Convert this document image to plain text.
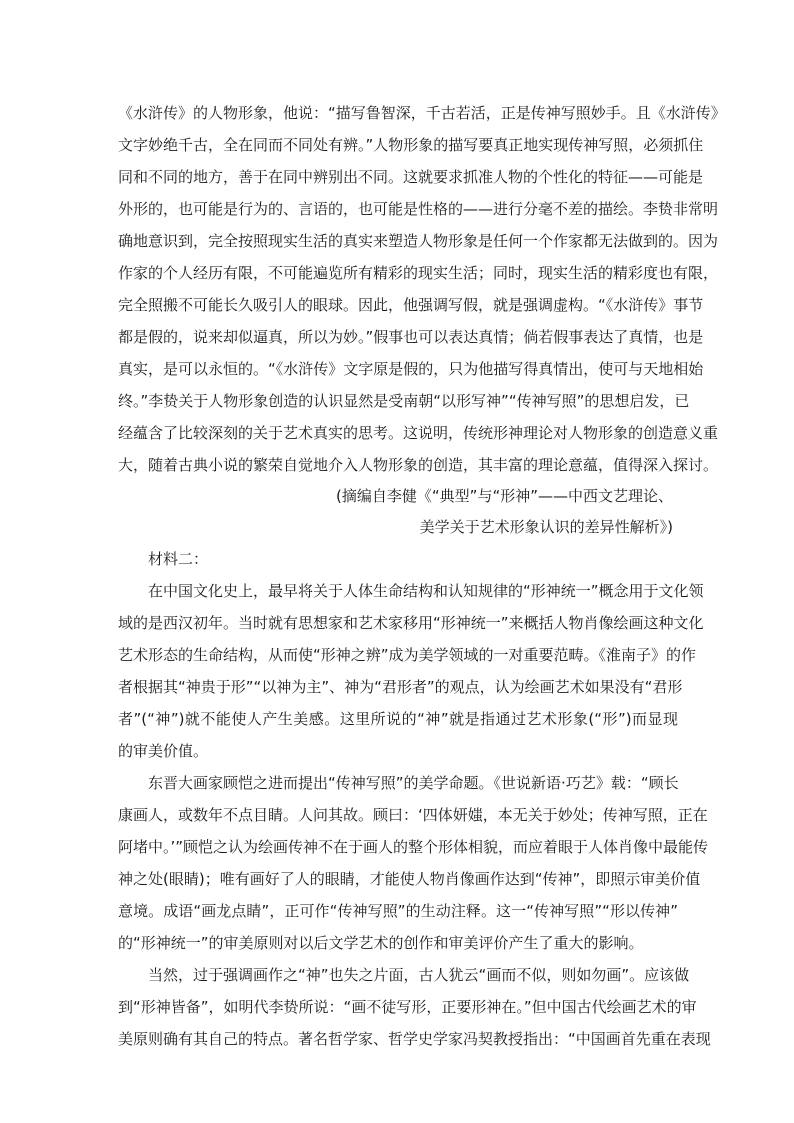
《水浒传》的人物形象，他说：“描写鲁智深，千古若活，正是传神写照妙手。且《水浒传》
文字妙绝千古，全在同而不同处有辨。”人物形象的描写要真正地实现传神写照，必须抓住
同和不同的地方，善于在同中辨别出不同。这就要求抓准人物的个性化的特征——可能是
外形的，也可能是行为的、言语的，也可能是性格的——进行分毫不差的描绘。李贽非常明
确地意识到，完全按照现实生活的真实来塑造人物形象是任何一个作家都无法做到的。因为
作家的个人经历有限，不可能遍览所有精彩的现实生活；同时，现实生活的精彩度也有限，
完全照搬不可能长久吸引人的眼球。因此，他强调写假，就是强调虚构。“《水浒传》事节
都是假的，说来却似逼真，所以为妙。”假事也可以表达真情；倘若假事表达了真情，也是
真实，是可以永恒的。“《水浒传》文字原是假的，只为他描写得真情出，使可与天地相始
终。”李贽关于人物形象创造的认识显然是受南朝“以形写神”“传神写照”的思想启发，已
经蕴含了比较深刻的关于艺术真实的思考。这说明，传统形神理论对人物形象的创造意义重
大，随着古典小说的繁荣自觉地介入人物形象的创造，其丰富的理论意蕴，值得深入探讨。
(摘编自李健《“典型”与“形神”——中西文艺理论、
美学关于艺术形象认识的差异性解析》)
材料二：
在中国文化史上，最早将关于人体生命结构和认知规律的“形神统一”概念用于文化领
域的是西汉初年。当时就有思想家和艺术家移用“形神统一”来概括人物肖像绘画这种文化
艺术形态的生命结构，从而使“形神之辨”成为美学领域的一对重要范畴。《淮南子》的作
者根据其“神贵于形”“以神为主”、神为“君形者”的观点，认为绘画艺术如果没有“君形
者”(“神”)就不能使人产生美感。这里所说的“神”就是指通过艺术形象(“形”)而显现
的审美价值。
东晋大画家顾恺之进而提出“传神写照”的美学命题。《世说新语·巧艺》载：“顾长
康画人，或数年不点目睛。人问其故。顾曰：‘四体妍媸，本无关于妙处；传神写照，正在
阿堵中。’”顾恺之认为绘画传神不在于画人的整个形体相貌，而应着眼于人体肖像中最能传
神之处(眼睛)；唯有画好了人的眼睛，才能使人物肖像画作达到“传神”，即照示审美价值
意境。成语“画龙点睛”，正可作“传神写照”的生动注释。这一“传神写照”“形以传神”
的“形神统一”的审美原则对以后文学艺术的创作和审美评价产生了重大的影响。
当然，过于强调画作之“神”也失之片面，古人犹云“画而不似，则如勿画”。应该做
到“形神皆备”，如明代李贽所说：“画不徒写形，正要形神在。”但中国古代绘画艺术的审
美原则确有其自己的特点。著名哲学家、哲学史学家冯契教授指出：“中国画首先重在表现
